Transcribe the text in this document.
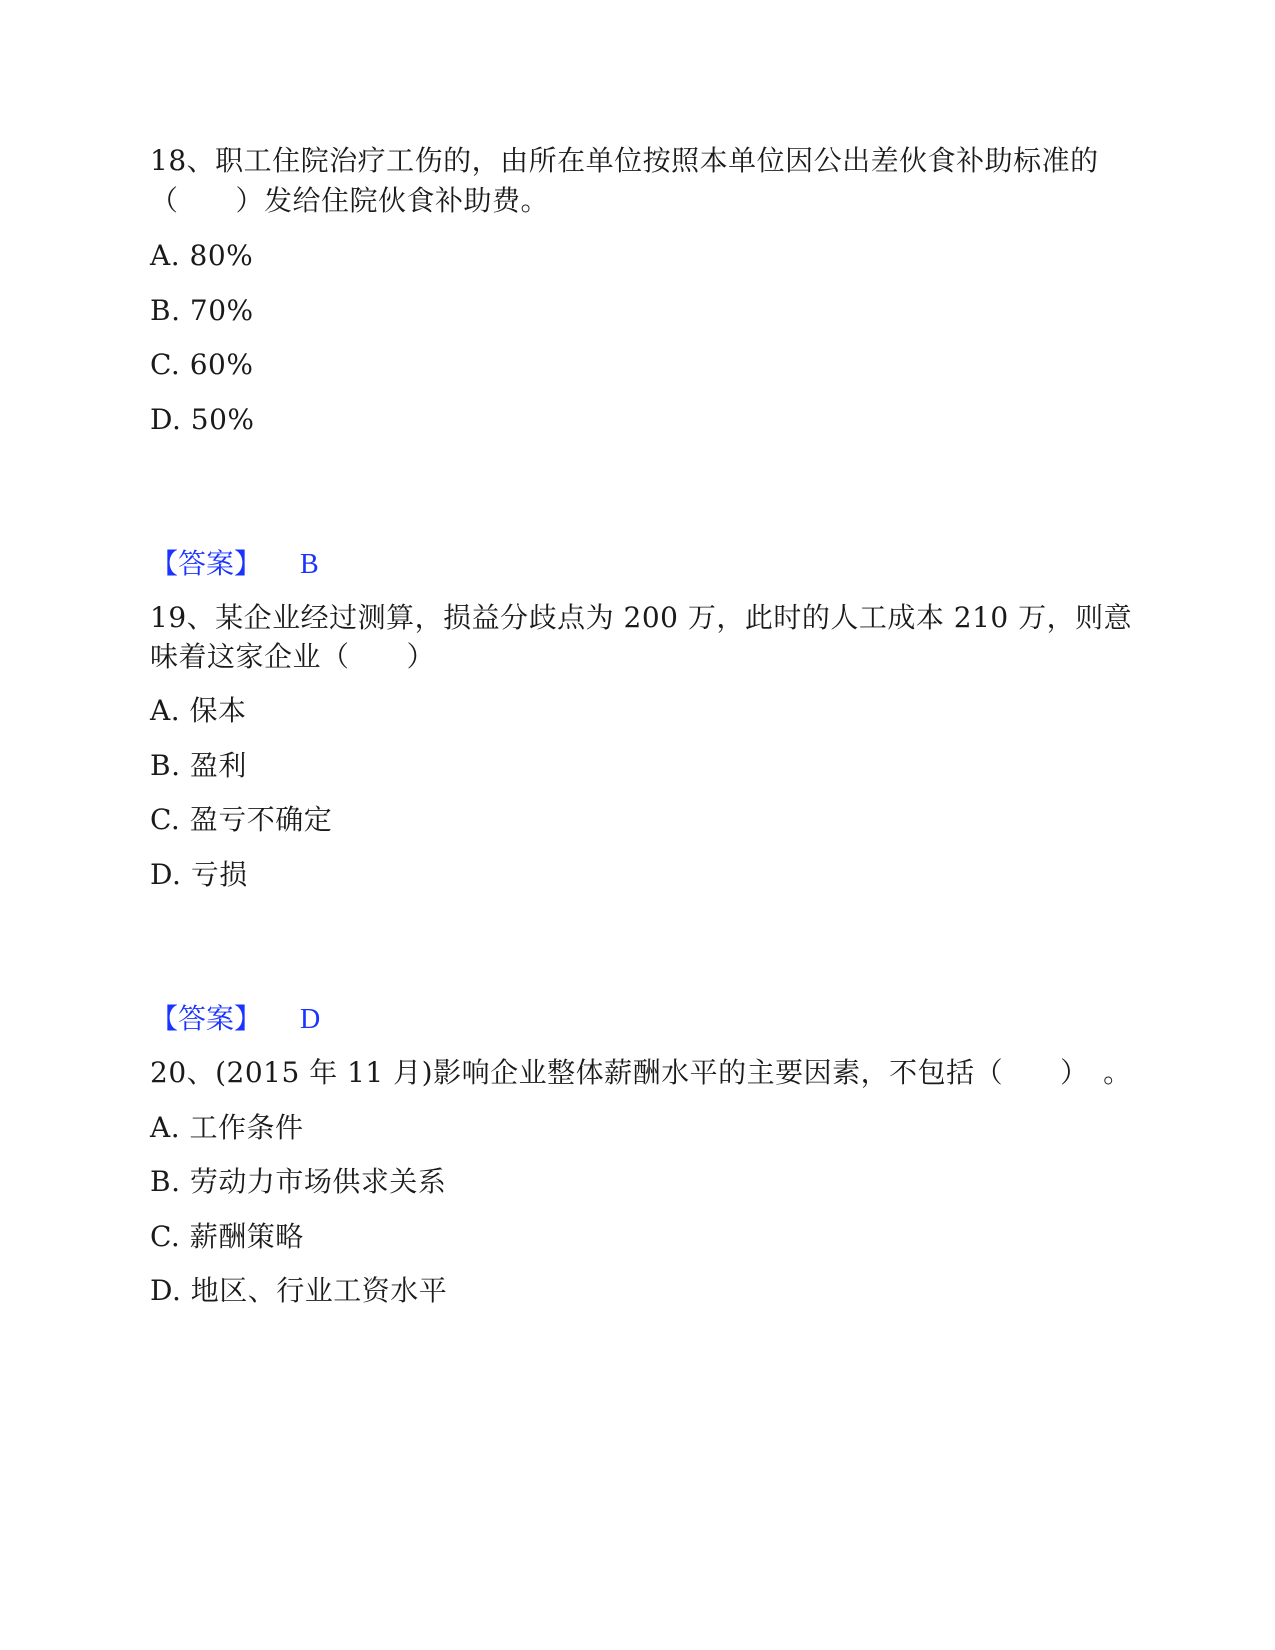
18、职工住院治疗工伤的，由所在单位按照本单位因公出差伙食补助标准的
（　　）发给住院伙食补助费。
A. 80%
B. 70%
C. 60%
D. 50%
【答案】 B
19、某企业经过测算，损益分歧点为 200 万，此时的人工成本 210 万，则意
味着这家企业（　　）
A. 保本
B. 盈利
C. 盈亏不确定
D. 亏损
【答案】 D
20、(2015 年 11 月)影响企业整体薪酬水平的主要因素，不包括（　　）　。
A. 工作条件
B. 劳动力市场供求关系
C. 薪酬策略
D. 地区、行业工资水平
